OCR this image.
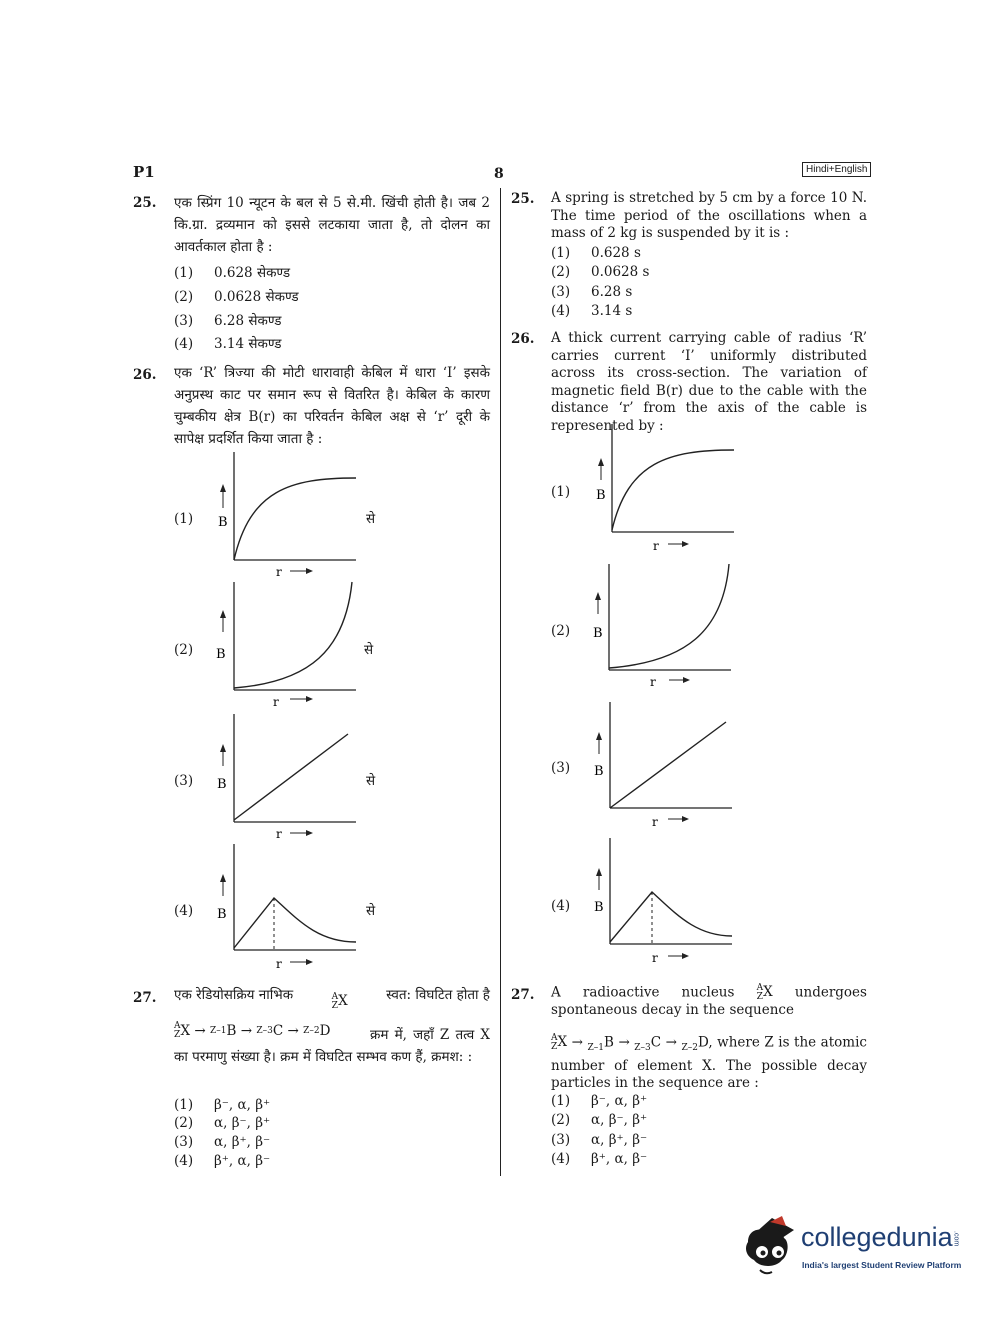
P1	8	Hindi+English
25. एक स्प्रिंग 10 न्यूटन के बल से 5 से.मी. खिंची होती है। जब 2 कि.ग्रा. द्रव्यमान को इससे लटकाया जाता है, तो दोलन का आवर्तकाल होता है :
(1) 0.628 सेकण्ड
(2) 0.0628 सेकण्ड
(3) 6.28 सेकण्ड
(4) 3.14 सेकण्ड
26. एक ‘R’ त्रिज्या की मोटी धारावाही केबिल में धारा ‘I’ इसके अनुप्रस्थ काट पर समान रूप से वितरित है। केबिल के कारण चुम्बकीय क्षेत्र B(r) का परिवर्तन केबिल अक्ष से ‘r’ दूरी के सापेक्ष प्रदर्शित किया जाता है :
(1)	से
B
r
(2)	से
B
r
(3)	से
B
r
(4)	से
B
r
27. एक रेडियोसक्रिय नाभिक	A
Z X	स्वत: विघटित होता है
A
Z X → Z–1 B → Z–3 C → Z–2 D	क्रम में, जहाँ Z तत्व X का परमाणु संख्या है। क्रम में विघटित सम्भव कण हैं, क्रमश: :
(1) β⁻, α, β⁺
(2) α, β⁻, β⁺
(3) α, β⁺, β⁻
(4) β⁺, α, β⁻
25. A spring is stretched by 5 cm by a force 10 N. The time period of the oscillations when a mass of 2 kg is suspended by it is :
(1) 0.628 s
(2) 0.0628 s
(3) 6.28 s
(4) 3.14 s
26. A thick current carrying cable of radius ‘R’ carries current ‘I’ uniformly distributed across its cross-section. The variation of magnetic field B(r) due to the cable with the distance ‘r’ from the axis of the cable is represented by :
(1) B
r
(2) B
r
(3) B
r
(4) B
r
27. A radioactive nucleus A
Z X undergoes spontaneous decay in the sequence
A
Z X → $_{Z-1}$B → $_{Z-3}$C → $_{Z-2}$D, where Z is the atomic number of element X. The possible decay particles in the sequence are :
(1) β⁻, α, β⁺
(2) α, β⁻, β⁺
(3) α, β⁺, β⁻
(4) β⁺, α, β⁻
collegedunia.com
India's largest Student Review Platform
